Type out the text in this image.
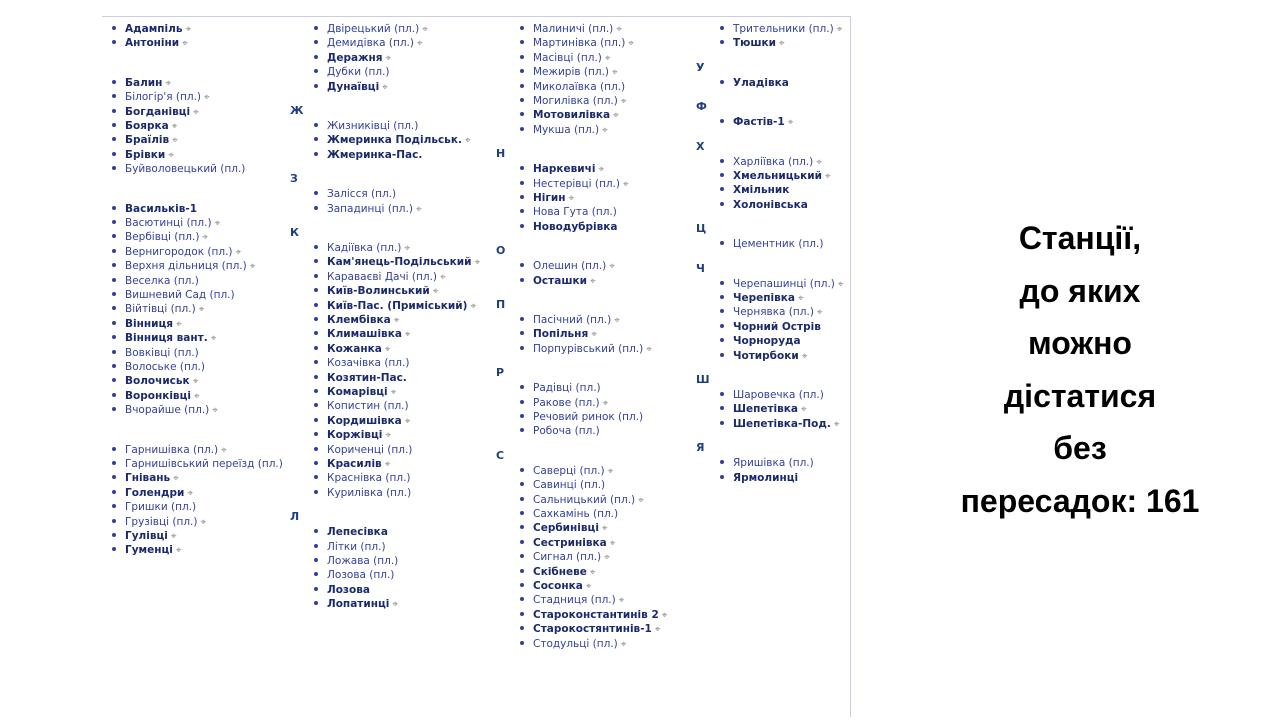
Адампіль ⌖
Антоніни ⌖
Балин ⌖
Білогір'я (пл.) ⌖
Богданівці ⌖
Боярка ⌖
Браїлів ⌖
Брівки ⌖
Буйволовецький (пл.)
Васильків-1
Васютинці (пл.) ⌖
Вербівці (пл.) ⌖
Вернигородок (пл.) ⌖
Верхня дільниця (пл.) ⌖
Веселка (пл.)
Вишневий Сад (пл.)
Війтівці (пл.) ⌖
Вінниця ⌖
Вінниця вант. ⌖
Вовківці (пл.)
Волоське (пл.)
Волочиськ ⌖
Воронківці ⌖
Вчорайше (пл.) ⌖
Гарнишівка (пл.) ⌖
Гарнишівський переїзд (пл.)
Гнівань ⌖
Голендри ⌖
Гришки (пл.)
Грузівці (пл.) ⌖
Гулівці ⌖
Гуменці ⌖
Двірецький (пл.) ⌖
Демидівка (пл.) ⌖
Деражня ⌖
Дубки (пл.)
Дунаївці ⌖
Ж
Жизниківці (пл.)
Жмеринка Подільськ. ⌖
Жмеринка-Пас.
З
Залісся (пл.)
Западинці (пл.) ⌖
К
Кадіївка (пл.) ⌖
Кам'янець-Подільський ⌖
Караваєві Дачі (пл.) ⌖
Київ-Волинський ⌖
Київ-Пас. (Приміський) ⌖
Клембівка ⌖
Климашівка ⌖
Кожанка ⌖
Козачівка (пл.)
Козятин-Пас.
Комарівці ⌖
Копистин (пл.)
Кордишівка ⌖
Коржівці ⌖
Кориченці (пл.)
Красилів ⌖
Краснівка (пл.)
Курилівка (пл.)
Л
Лепесівка
Літки (пл.)
Ложава (пл.)
Лозова (пл.)
Лозова
Лопатинці ⌖
Малиничі (пл.) ⌖
Мартинівка (пл.) ⌖
Масівці (пл.) ⌖
Межирів (пл.) ⌖
Миколаївка (пл.)
Могилівка (пл.) ⌖
Мотовилівка ⌖
Мукша (пл.) ⌖
Н
Наркевичі ⌖
Нестерівці (пл.) ⌖
Нігин ⌖
Нова Гута (пл.)
Новодубрівка
О
Олешин (пл.) ⌖
Осташки ⌖
П
Пасічний (пл.) ⌖
Попільня ⌖
Порпурівський (пл.) ⌖
Р
Радівці (пл.)
Ракове (пл.) ⌖
Речовий ринок (пл.)
Робоча (пл.)
С
Саверці (пл.) ⌖
Савинці (пл.)
Сальницький (пл.) ⌖
Сахкамінь (пл.)
Сербинівці ⌖
Сестринівка ⌖
Сигнал (пл.) ⌖
Скібневе ⌖
Сосонка ⌖
Стадниця (пл.) ⌖
Староконстантинів 2 ⌖
Старокостянтинів-1 ⌖
Стодульці (пл.) ⌖
Трительники (пл.) ⌖
Тюшки ⌖
У
Уладівка
Ф
Фастів-1 ⌖
Х
Харліївка (пл.) ⌖
Хмельницький ⌖
Хмільник
Холонівська
Ц
Цементник (пл.)
Ч
Черепашинці (пл.) ⌖
Черепівка ⌖
Чернявка (пл.) ⌖
Чорний Острів
Чорноруда
Чотирбоки ⌖
Ш
Шаровечка (пл.)
Шепетівка ⌖
Шепетівка-Под. ⌖
Я
Яришівка (пл.)
Ярмолинці
Станції,
до яких
можно
дістатися
без
пересадок: 161
